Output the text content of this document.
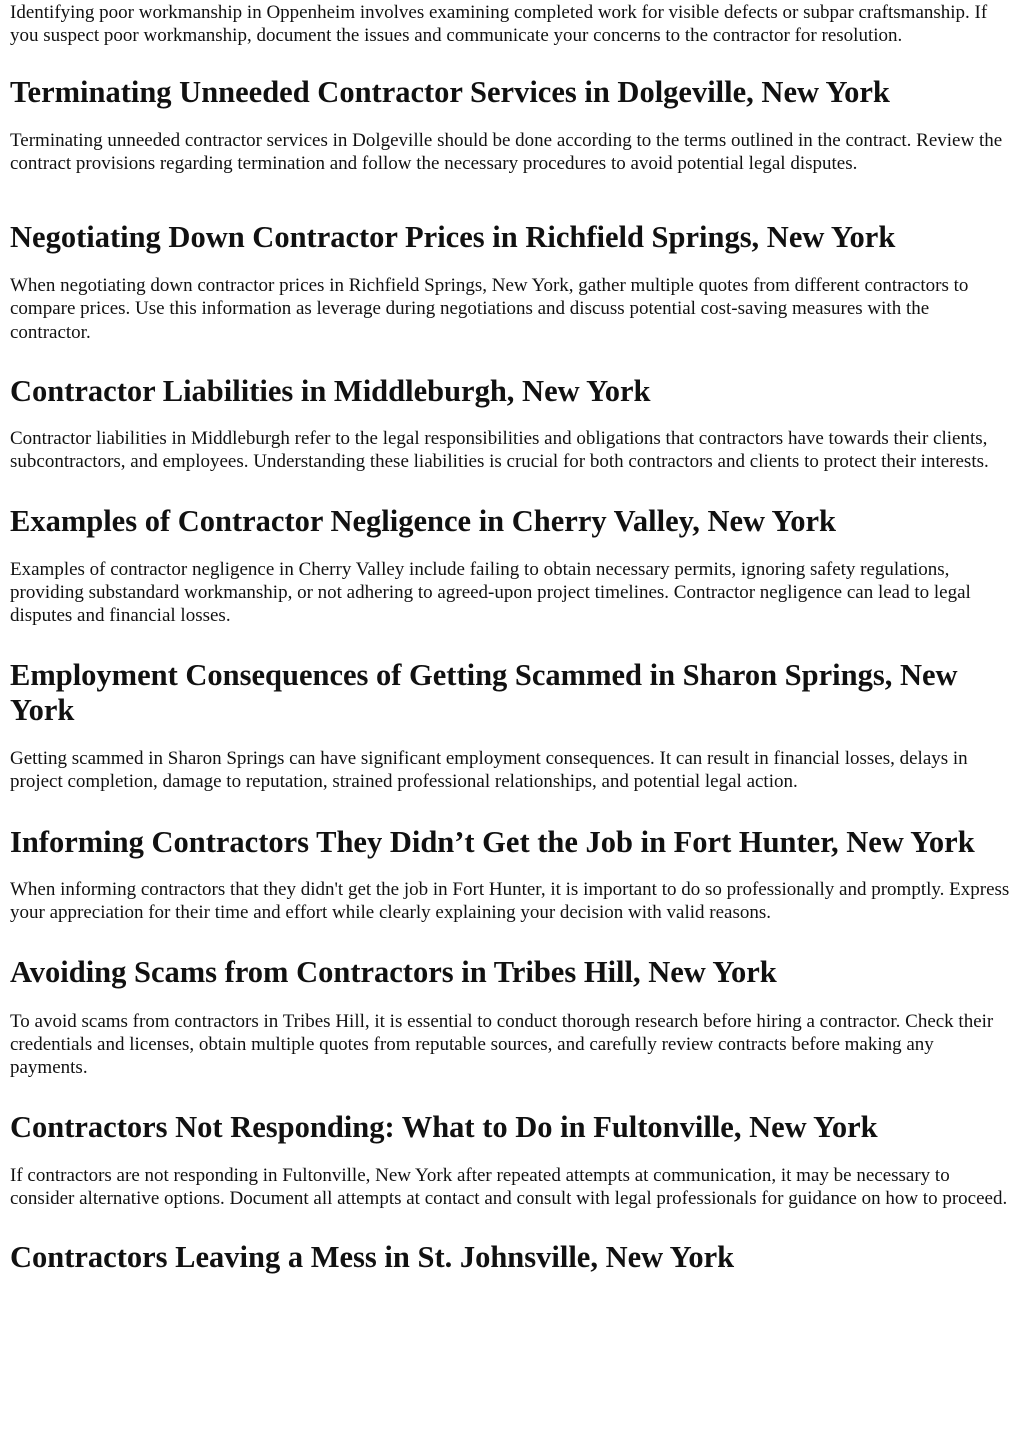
Identifying poor workmanship in Oppenheim involves examining completed work for visible defects or subpar craftsmanship. If you suspect poor workmanship, document the issues and communicate your concerns to the contractor for resolution.

Terminating Unneeded Contractor Services in Dolgeville, New York

Terminating unneeded contractor services in Dolgeville should be done according to the terms outlined in the contract. Review the contract provisions regarding termination and follow the necessary procedures to avoid potential legal disputes.

Negotiating Down Contractor Prices in Richfield Springs, New York

When negotiating down contractor prices in Richfield Springs, New York, gather multiple quotes from different contractors to compare prices. Use this information as leverage during negotiations and discuss potential cost-saving measures with the contractor.

Contractor Liabilities in Middleburgh, New York

Contractor liabilities in Middleburgh refer to the legal responsibilities and obligations that contractors have towards their clients, subcontractors, and employees. Understanding these liabilities is crucial for both contractors and clients to protect their interests.

Examples of Contractor Negligence in Cherry Valley, New York

Examples of contractor negligence in Cherry Valley include failing to obtain necessary permits, ignoring safety regulations, providing substandard workmanship, or not adhering to agreed-upon project timelines. Contractor negligence can lead to legal disputes and financial losses.

Employment Consequences of Getting Scammed in Sharon Springs, New York

Getting scammed in Sharon Springs can have significant employment consequences. It can result in financial losses, delays in project completion, damage to reputation, strained professional relationships, and potential legal action.

Informing Contractors They Didn’t Get the Job in Fort Hunter, New York

When informing contractors that they didn't get the job in Fort Hunter, it is important to do so professionally and promptly. Express your appreciation for their time and effort while clearly explaining your decision with valid reasons.

Avoiding Scams from Contractors in Tribes Hill, New York

To avoid scams from contractors in Tribes Hill, it is essential to conduct thorough research before hiring a contractor. Check their credentials and licenses, obtain multiple quotes from reputable sources, and carefully review contracts before making any payments.

Contractors Not Responding: What to Do in Fultonville, New York

If contractors are not responding in Fultonville, New York after repeated attempts at communication, it may be necessary to consider alternative options. Document all attempts at contact and consult with legal professionals for guidance on how to proceed.

Contractors Leaving a Mess in St. Johnsville, New York
